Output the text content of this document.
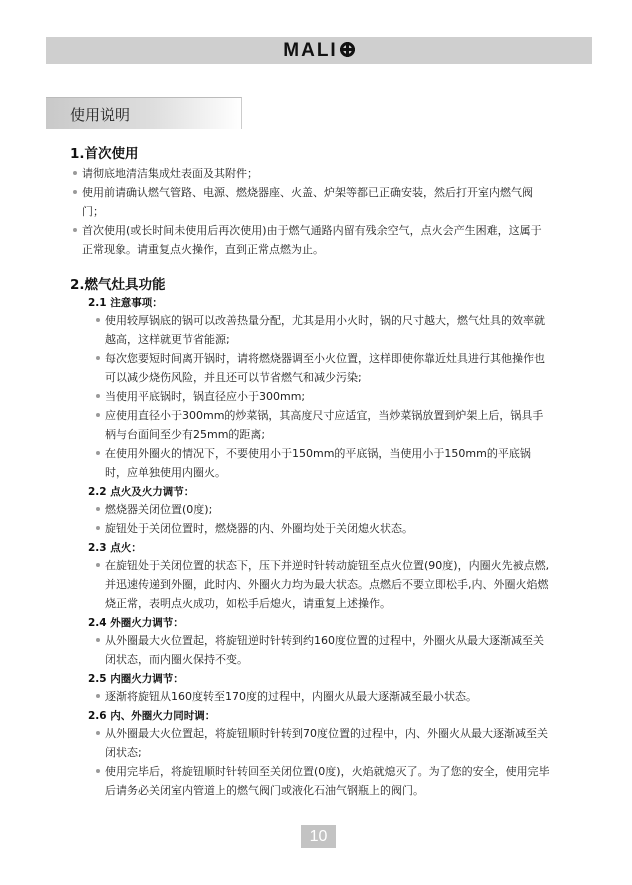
MALI
使用说明
1.首次使用
请彻底地清洁集成灶表面及其附件；
使用前请确认燃气管路、电源、燃烧器座、火盖、炉架等都已正确安装，然后打开室内燃气阀门；
首次使用(或长时间未使用后再次使用)由于燃气通路内留有残余空气，点火会产生困难，这属于正常现象。请重复点火操作，直到正常点燃为止。
2.燃气灶具功能
2.1 注意事项：
使用较厚锅底的锅可以改善热量分配，尤其是用小火时，锅的尺寸越大，燃气灶具的效率就越高，这样就更节省能源;
每次您要短时间离开锅时，请将燃烧器调至小火位置，这样即使你靠近灶具进行其他操作也可以减少烧伤风险，并且还可以节省燃气和减少污染;
当使用平底锅时，锅直径应小于300mm;
应使用直径小于300mm的炒菜锅，其高度尺寸应适宜，当炒菜锅放置到炉架上后，锅具手柄与台面间至少有25mm的距离;
在使用外圈火的情况下，不要使用小于150mm的平底锅，当使用小于150mm的平底锅时，应单独使用内圈火。
2.2 点火及火力调节：
燃烧器关闭位置(0度);
旋钮处于关闭位置时，燃烧器的内、外圈均处于关闭熄火状态。
2.3 点火：
在旋钮处于关闭位置的状态下，压下并逆时针转动旋钮至点火位置(90度)，内圈火先被点燃,并迅速传递到外圈，此时内、外圈火力均为最大状态。点燃后不要立即松手,内、外圈火焰燃烧正常，表明点火成功，如松手后熄火，请重复上述操作。
2.4 外圈火力调节：
从外圈最大火位置起，将旋钮逆时针转到约160度位置的过程中，外圈火从最大逐渐减至关闭状态，而内圈火保持不变。
2.5 内圈火力调节：
逐渐将旋钮从160度转至170度的过程中，内圈火从最大逐渐减至最小状态。
2.6 内、外圈火力同时调：
从外圈最大火位置起，将旋钮顺时针转到70度位置的过程中，内、外圈火从最大逐渐减至关闭状态;
使用完毕后，将旋钮顺时针转回至关闭位置(0度)，火焰就熄灭了。为了您的安全，使用完毕后请务必关闭室内管道上的燃气阀门或液化石油气钢瓶上的阀门。
10
